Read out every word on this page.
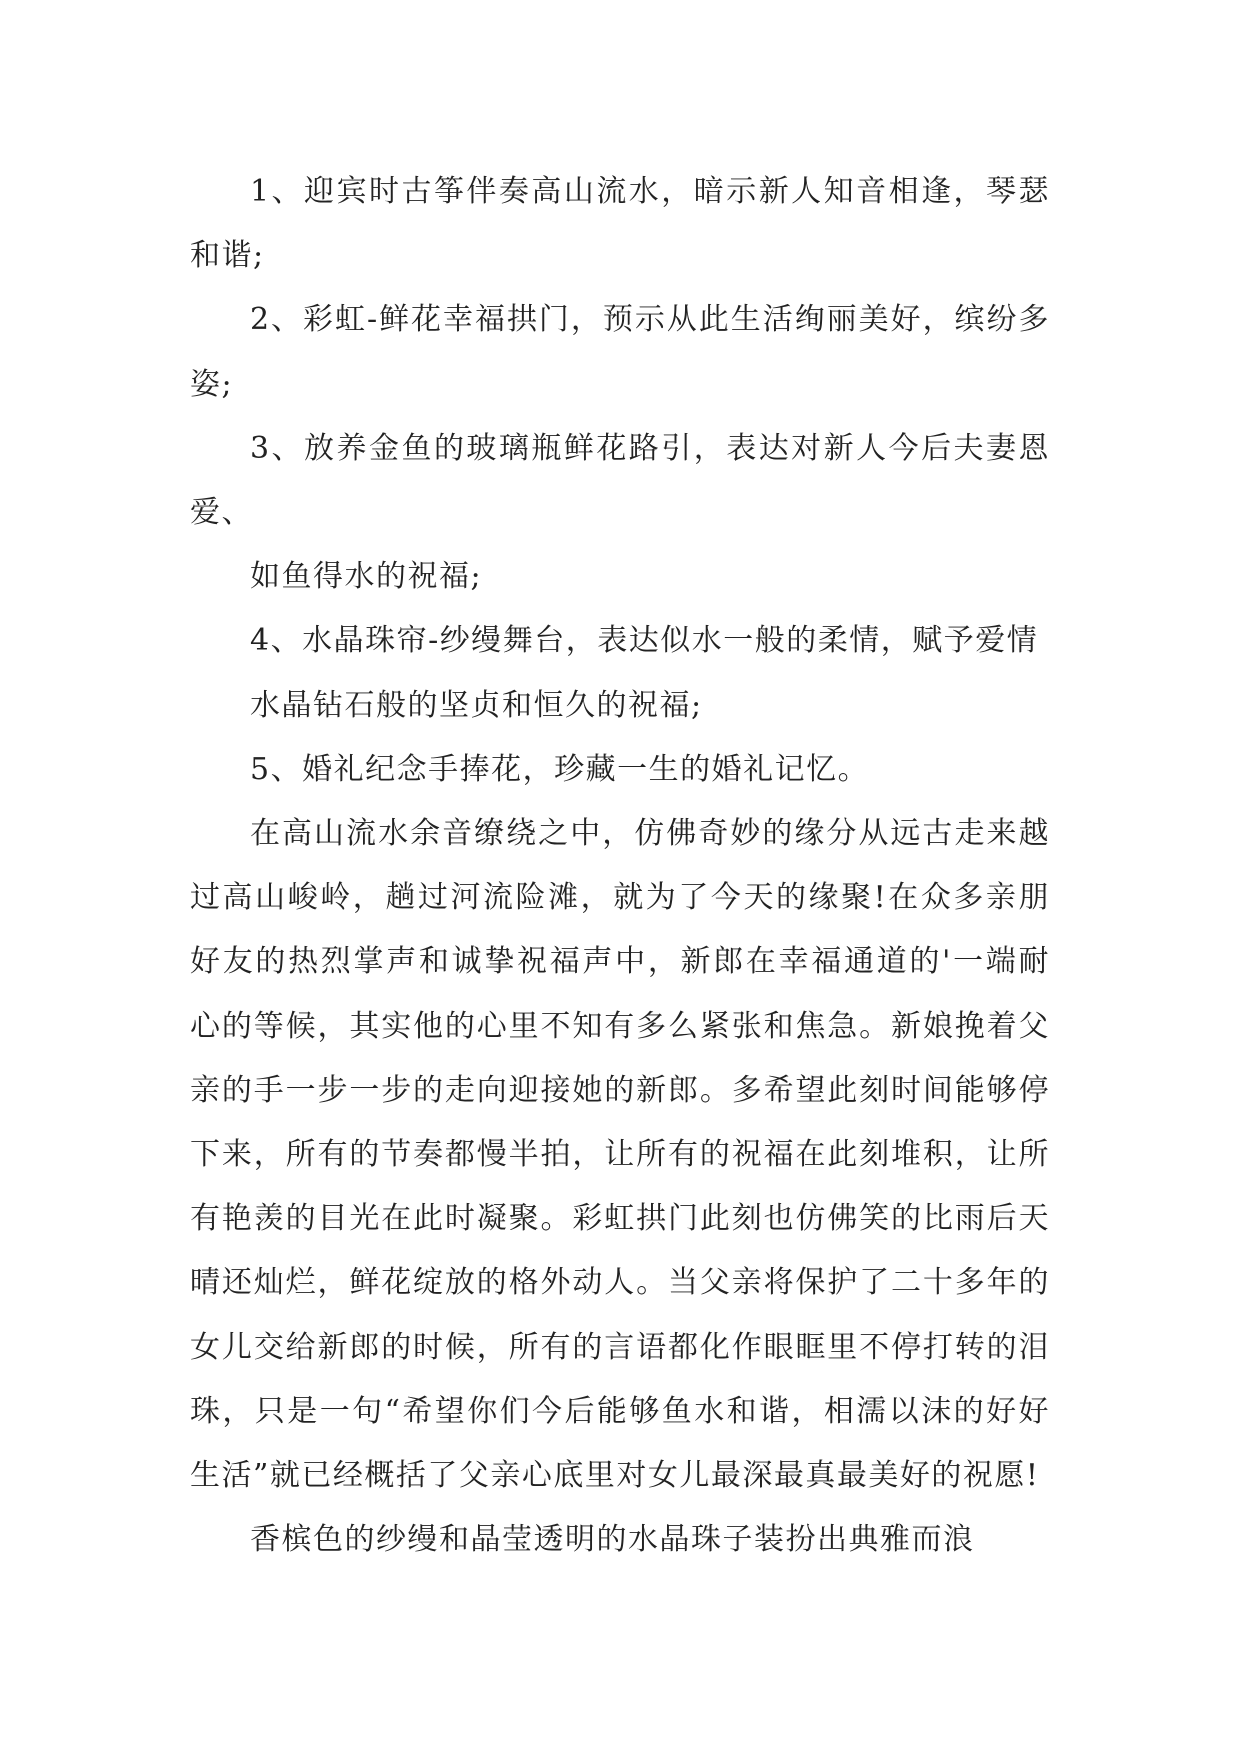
1、迎宾时古筝伴奏高山流水，暗示新人知音相逢，琴瑟和谐;

2、彩虹-鲜花幸福拱门，预示从此生活绚丽美好，缤纷多姿;

3、放养金鱼的玻璃瓶鲜花路引，表达对新人今后夫妻恩爱、

如鱼得水的祝福;

4、水晶珠帘-纱缦舞台，表达似水一般的柔情，赋予爱情

水晶钻石般的坚贞和恒久的祝福;

5、婚礼纪念手捧花，珍藏一生的婚礼记忆。

在高山流水余音缭绕之中，仿佛奇妙的缘分从远古走来越过高山峻岭，趟过河流险滩，就为了今天的缘聚!在众多亲朋好友的热烈掌声和诚挚祝福声中，新郎在幸福通道的'一端耐心的等候，其实他的心里不知有多么紧张和焦急。新娘挽着父亲的手一步一步的走向迎接她的新郎。多希望此刻时间能够停下来，所有的节奏都慢半拍，让所有的祝福在此刻堆积，让所有艳羡的目光在此时凝聚。彩虹拱门此刻也仿佛笑的比雨后天晴还灿烂，鲜花绽放的格外动人。当父亲将保护了二十多年的女儿交给新郎的时候，所有的言语都化作眼眶里不停打转的泪珠，只是一句“希望你们今后能够鱼水和谐，相濡以沫的好好生活”就已经概括了父亲心底里对女儿最深最真最美好的祝愿!

香槟色的纱缦和晶莹透明的水晶珠子装扮出典雅而浪
